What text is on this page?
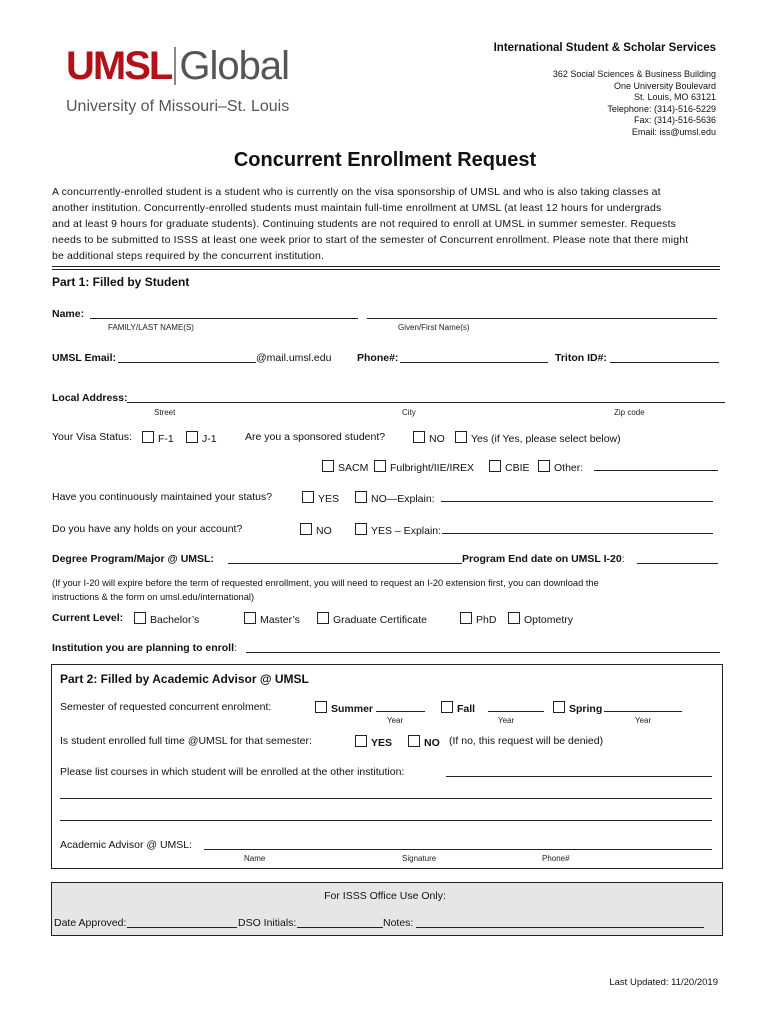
UMSL Global
University of Missouri–St. Louis
International Student & Scholar Services
362 Social Sciences & Business Building
One University Boulevard
St. Louis, MO 63121
Telephone: (314)-516-5229
Fax: (314)-516-5636
Email: iss@umsl.edu
Concurrent Enrollment Request
A concurrently-enrolled student is a student who is currently on the visa sponsorship of UMSL and who is also taking classes at
another institution. Concurrently-enrolled students must maintain full-time enrollment at UMSL (at least 12 hours for undergrads
and at least 9 hours for graduate students). Continuing students are not required to enroll at UMSL in summer semester. Requests
needs to be submitted to ISSS at least one week prior to start of the semester of Concurrent enrollment. Please note that there might
be additional steps required by the concurrent institution.
Part 1: Filled by Student
Name:
FAMILY/LAST NAME(S)	Given/First Name(s)
UMSL Email:	@mail.umsl.edu Phone#:	Triton ID#:
Local Address:
Street	City	Zip code
Your Visa Status:	F-1	J-1	Are you a sponsored student?	NO	Yes (if Yes, please select below)
SACM	Fulbright/IIE/IREX	CBIE	Other:
Have you continuously maintained your status?	YES	NO—Explain:
Do you have any holds on your account?	NO	YES – Explain:
Degree Program/Major @ UMSL:	Program End date on UMSL I-20:
(If your I-20 will expire before the term of requested enrollment, you will need to request an I-20 extension first, you can download the
instructions & the form on umsl.edu/international)
Current Level:	Bachelor’s	Master’s	Graduate Certificate	PhD	Optometry
Institution you are planning to enroll:
Part 2: Filled by Academic Advisor @ UMSL
Semester of requested concurrent enrolment:	Summer	Fall	Spring
Year	Year	Year
Is student enrolled full time @UMSL for that semester:	YES	NO (If no, this request will be denied)
Please list courses in which student will be enrolled at the other institution:
Academic Advisor @ UMSL:
Name	Signature	Phone#
For ISSS Office Use Only:
Date Approved:	DSO Initials:	Notes:
Last Updated: 11/20/2019
